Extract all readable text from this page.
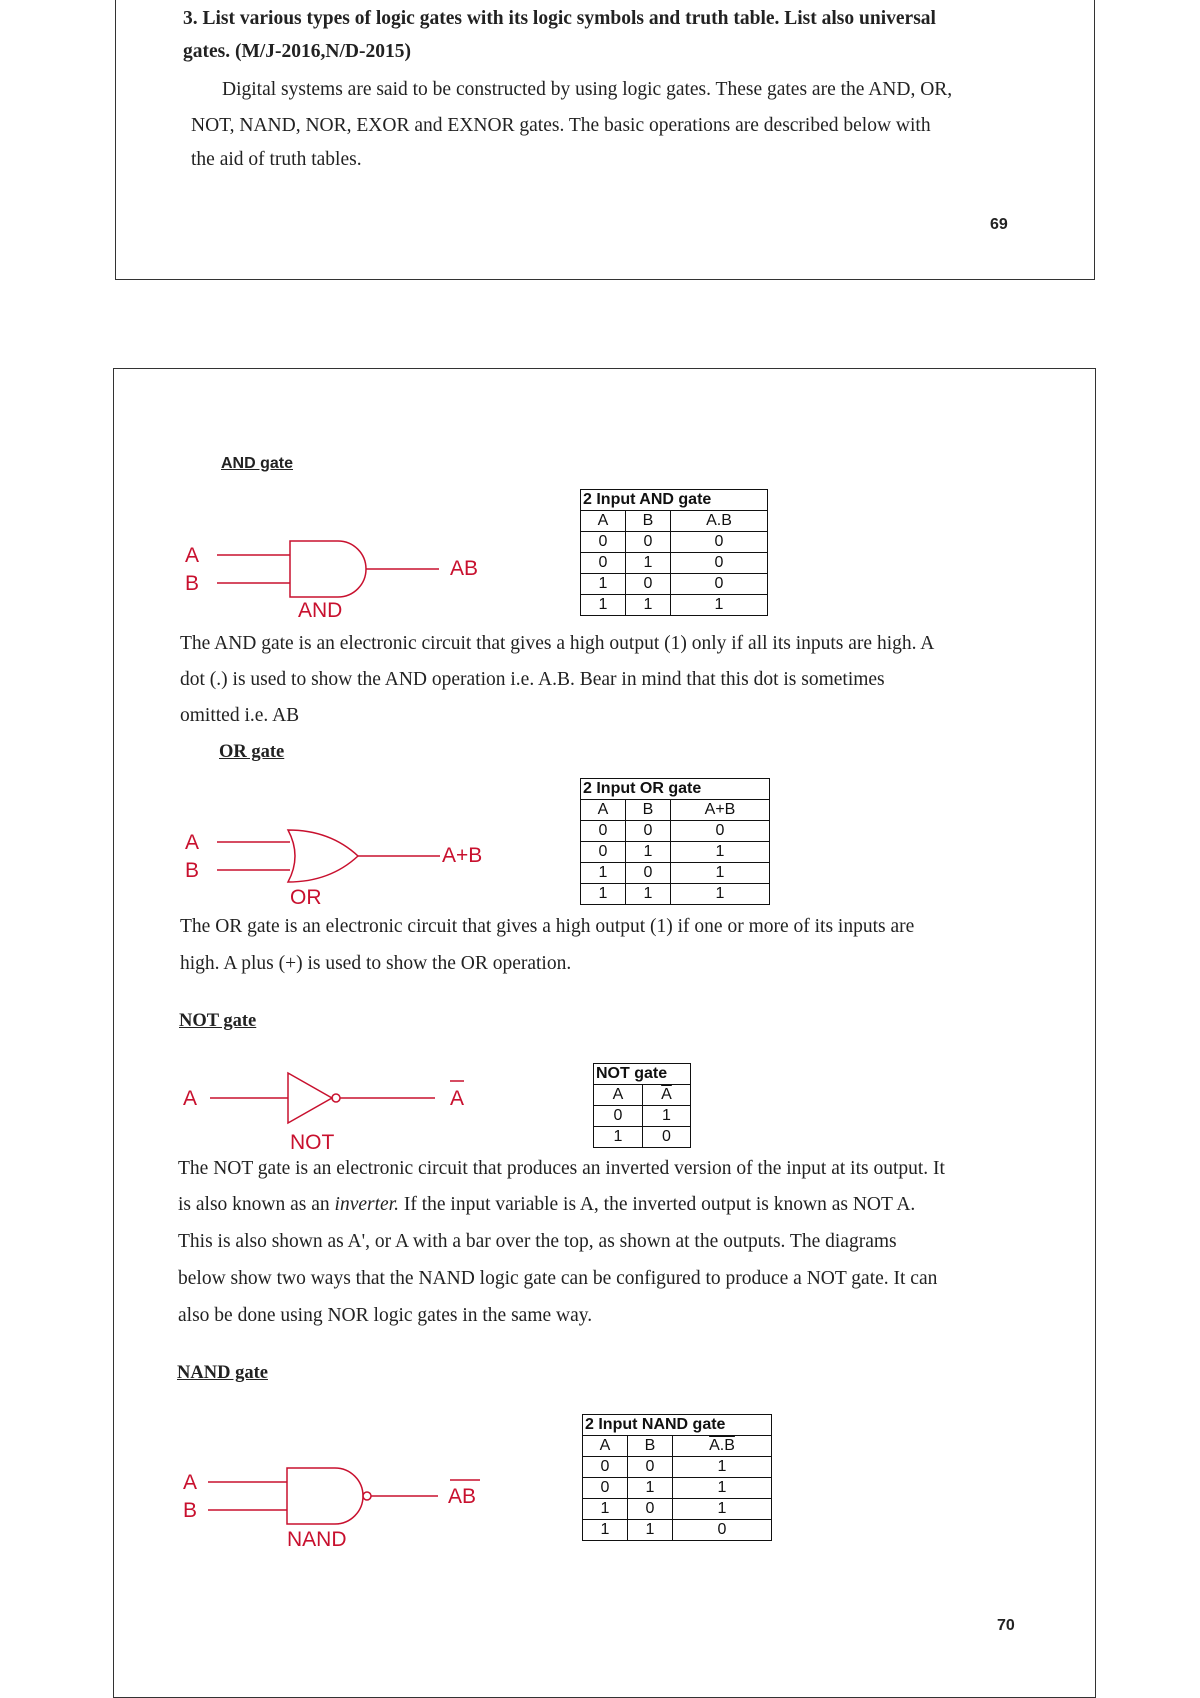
3. List various types of logic gates with its logic symbols and truth table. List also universal
gates. (M/J-2016,N/D-2015)
Digital systems are said to be constructed by using logic gates. These gates are the AND, OR,
NOT, NAND, NOR, EXOR and EXNOR gates. The basic operations are described below with
the aid of truth tables.
69
AND gate
A
B
AB
AND
2 Input AND gate		
A	B	A.B
0	0	0
0	1	0
1	0	0
1	1	1
The AND gate is an electronic circuit that gives a high output (1) only if all its inputs are high. A
dot (.) is used to show the AND operation i.e. A.B. Bear in mind that this dot is sometimes
omitted i.e. AB
OR gate
A
B
A+B
OR
2 Input OR gate		
A	B	A+B
0	0	0
0	1	1
1	0	1
1	1	1
The OR gate is an electronic circuit that gives a high output (1) if one or more of its inputs are
high. A plus (+) is used to show the OR operation.
NOT gate
A	A
NOT
NOT gate	
A	$\overline{A}$
0	1
1	0
The NOT gate is an electronic circuit that produces an inverted version of the input at its output. It
is also known as an inverter. If the input variable is A, the inverted output is known as NOT A.
This is also shown as A', or A with a bar over the top, as shown at the outputs. The diagrams
below show two ways that the NAND logic gate can be configured to produce a NOT gate. It can
also be done using NOR logic gates in the same way.
NAND gate
A
B
AB
NAND
2 Input NAND gate		
A	B	A.B
0	0	1
0	1	1
1	0	1
1	1	0
70
